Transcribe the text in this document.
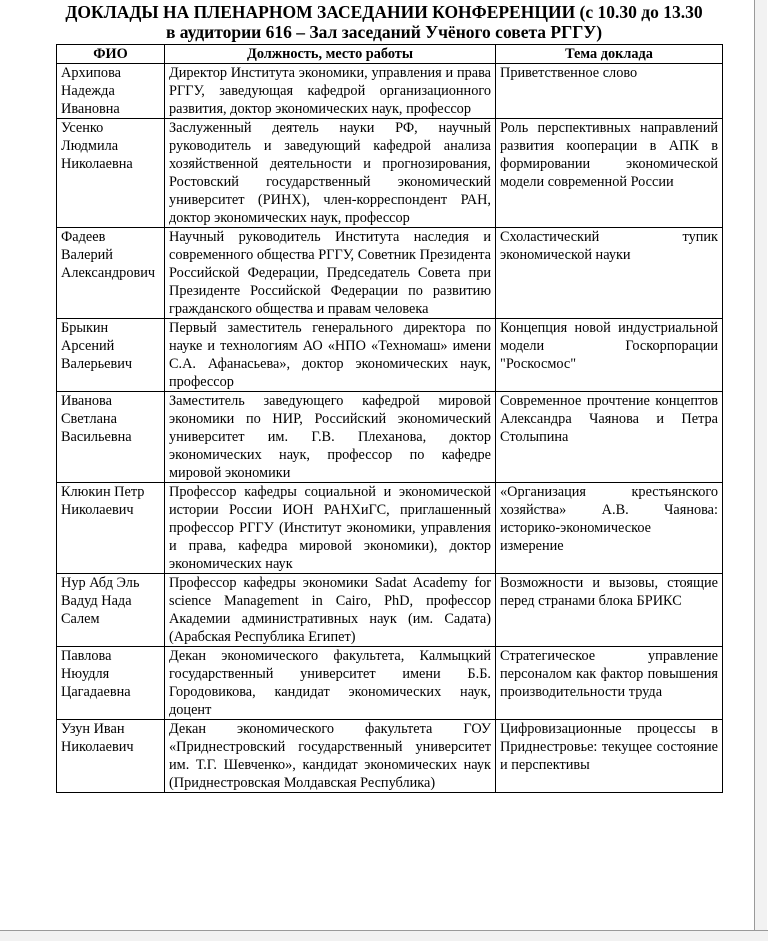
ДОКЛАДЫ НА ПЛЕНАРНОМ ЗАСЕДАНИИ КОНФЕРЕНЦИИ (с 10.30 до 13.30
в аудитории 616 – Зал заседаний Учёного совета РГГУ)
ФИО	Должность, место работы	Тема доклада
Архипова Надежда Ивановна	Директор Института экономики, управления и права РГГУ, заведующая кафедрой организационного развития, доктор экономических наук, профессор	Приветственное слово
Усенко Людмила Николаевна	Заслуженный деятель науки РФ, научный руководитель и заведующий кафедрой анализа хозяйственной деятельности и прогнозирования, Ростовский государственный экономический университет (РИНХ), член-корреспондент РАН, доктор экономических наук, профессор	Роль перспективных направлений развития кооперации в АПК в формировании экономической модели современной России
Фадеев Валерий Александрович	Научный руководитель Института наследия и современного общества РГГУ, Советник Президента Российской Федерации, Председатель Совета при Президенте Российской Федерации по развитию гражданского общества и правам человека	Схоластический тупик экономической науки
Брыкин Арсений Валерьевич	Первый заместитель генерального директора по науке и технологиям АО «НПО «Техномаш» имени С.А. Афанасьева», доктор экономических наук, профессор	Концепция новой индустриальной модели Госкорпорации "Роскосмос"
Иванова Светлана Васильевна	Заместитель заведующего кафедрой мировой экономики по НИР, Российский экономический университет им. Г.В. Плеханова, доктор экономических наук, профессор по кафедре мировой экономики	Современное прочтение концептов Александра Чаянова и Петра Столыпина
Клюкин Петр Николаевич	Профессор кафедры социальной и экономической истории России ИОН РАНХиГС, приглашенный профессор РГГУ (Институт экономики, управления и права, кафедра мировой экономики), доктор экономических наук	«Организация крестьянского хозяйства» А.В. Чаянова: историко-экономическое измерение
Нур Абд Эль Вадуд Нада Салем	Профессор кафедры экономики Sadat Academy for science Management in Cairo, PhD, профессор Академии административных наук (им. Садата) (Арабская Республика Египет)	Возможности и вызовы, стоящие перед странами блока БРИКС
Павлова Нюудля Цагадаевна	Декан экономического факультета, Калмыцкий государственный университет имени Б.Б. Городовикова, кандидат экономических наук, доцент	Стратегическое управление персоналом как фактор повышения производительности труда
Узун Иван Николаевич	Декан экономического факультета ГОУ «Приднестровский государственный университет им. Т.Г. Шевченко», кандидат экономических наук (Приднестровская Молдавская Республика)	Цифровизационные процессы в Приднестровье: текущее состояние и перспективы
